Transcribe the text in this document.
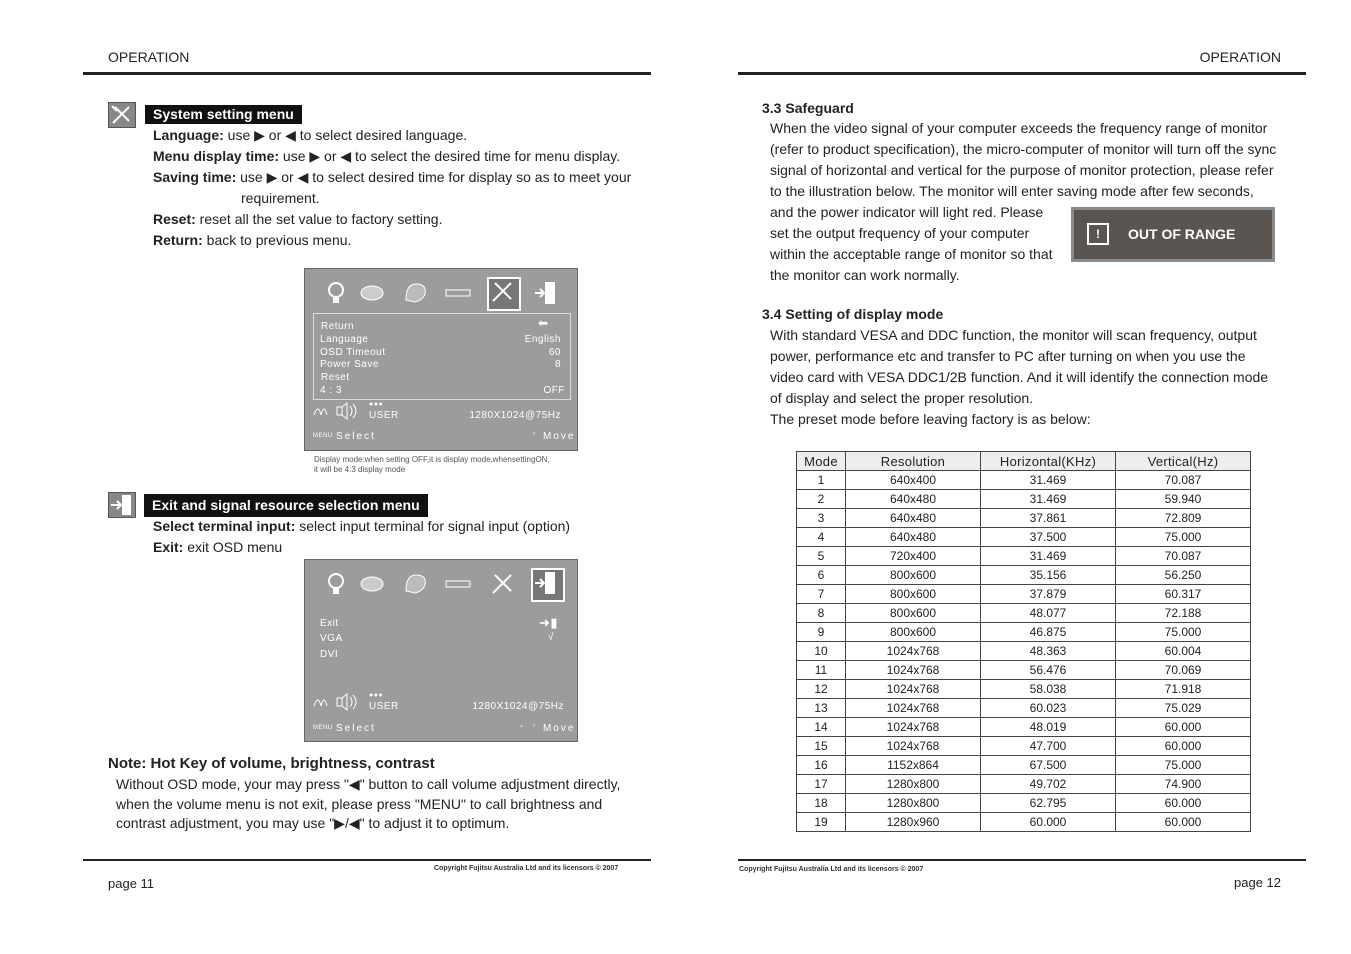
OPERATION
System setting menu
Language: use ▶ or ◀ to select desired language.
Menu display time: use ▶ or ◀ to select the desired time for menu display.
Saving time: use ▶ or ◀ to select desired time for display so as to meet your
requirement.
Reset: reset all the set value to factory setting.
Return: back to previous menu.
⬅
Return
Language	English
OSD Timeout	60
Power Save	8
Reset
4 : 3	OFF
●●●
USER	1280X1024@75Hz
MENU Select	› Move
Display mode:when setting OFF,it is display mode,whensettingON,
it will be 4:3 display mode
Exit and signal resource selection menu
Select terminal input: select input terminal for signal input (option)
Exit: exit OSD menu
➜▮
Exit
VGA	√
DVI
●●●
USER	1280X1024@75Hz
MENU Select	- › Move
Note: Hot Key of volume, brightness, contrast
Without OSD mode, your may press "◀" button to call volume adjustment directly,
when the volume menu is not exit, please press "MENU" to call brightness and
contrast adjustment, you may use "▶/◀" to adjust it to optimum.
Copyright Fujitsu Australia Ltd and its licensors © 2007
page 11
OPERATION
3.3 Safeguard
When the video signal of your computer exceeds the frequency range of monitor
(refer to product specification), the micro-computer of monitor will turn off the sync
signal of horizontal and vertical for the purpose of monitor protection, please refer
to the illustration below. The monitor will enter saving mode after few seconds,
and the power indicator will light red. Please
set the output frequency of your computer
within the acceptable range of monitor so that
the monitor can work normally.
!	OUT OF RANGE
3.4 Setting of display mode
With standard VESA and DDC function, the monitor will scan frequency, output
power, performance etc and transfer to PC after turning on when you use the
video card with VESA DDC1/2B function. And it will identify the connection mode
of display and select the proper resolution.
The preset mode before leaving factory is as below:
Mode	Resolution	Horizontal(KHz)	Vertical(Hz)
1	640x400	31.469	70.087
2	640x480	31.469	59.940
3	640x480	37.861	72.809
4	640x480	37.500	75.000
5	720x400	31.469	70.087
6	800x600	35.156	56.250
7	800x600	37.879	60.317
8	800x600	48.077	72.188
9	800x600	46.875	75.000
10	1024x768	48.363	60.004
11	1024x768	56.476	70.069
12	1024x768	58.038	71.918
13	1024x768	60.023	75.029
14	1024x768	48.019	60.000
15	1024x768	47.700	60.000
16	1152x864	67.500	75.000
17	1280x800	49.702	74.900
18	1280x800	62.795	60.000
19	1280x960	60.000	60.000
Copyright Fujitsu Australia Ltd and its licensors © 2007
page 12
